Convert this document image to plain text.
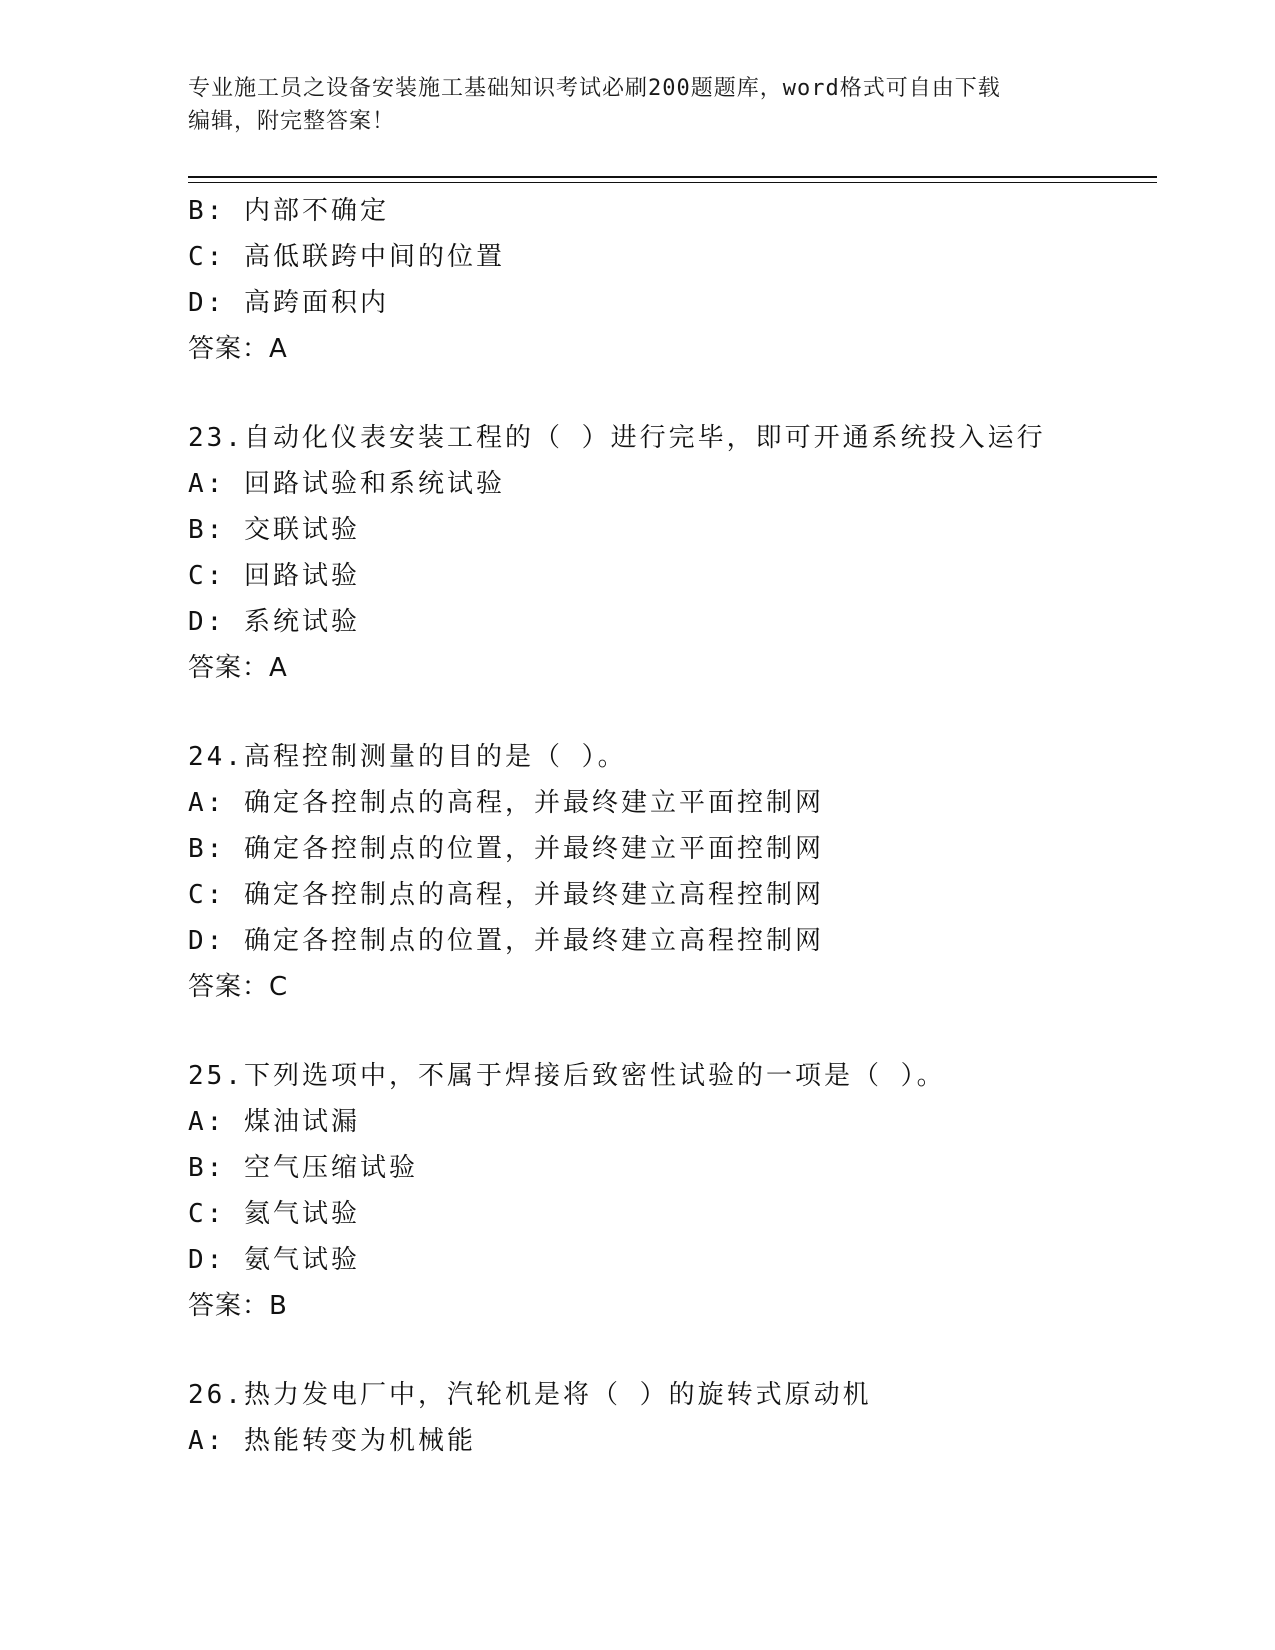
专业施工员之设备安装施工基础知识考试必刷200题题库，word格式可自由下载
编辑，附完整答案！
B: 内部不确定
C: 高低联跨中间的位置
D: 高跨面积内
答案：A
23.自动化仪表安装工程的（ ）进行完毕，即可开通系统投入运行
A: 回路试验和系统试验
B: 交联试验
C: 回路试验
D: 系统试验
答案：A
24.高程控制测量的目的是（ ）。
A: 确定各控制点的高程，并最终建立平面控制网
B: 确定各控制点的位置，并最终建立平面控制网
C: 确定各控制点的高程，并最终建立高程控制网
D: 确定各控制点的位置，并最终建立高程控制网
答案：C
25.下列选项中，不属于焊接后致密性试验的一项是（ ）。
A: 煤油试漏
B: 空气压缩试验
C: 氦气试验
D: 氨气试验
答案：B
26.热力发电厂中，汽轮机是将（ ）的旋转式原动机
A: 热能转变为机械能
